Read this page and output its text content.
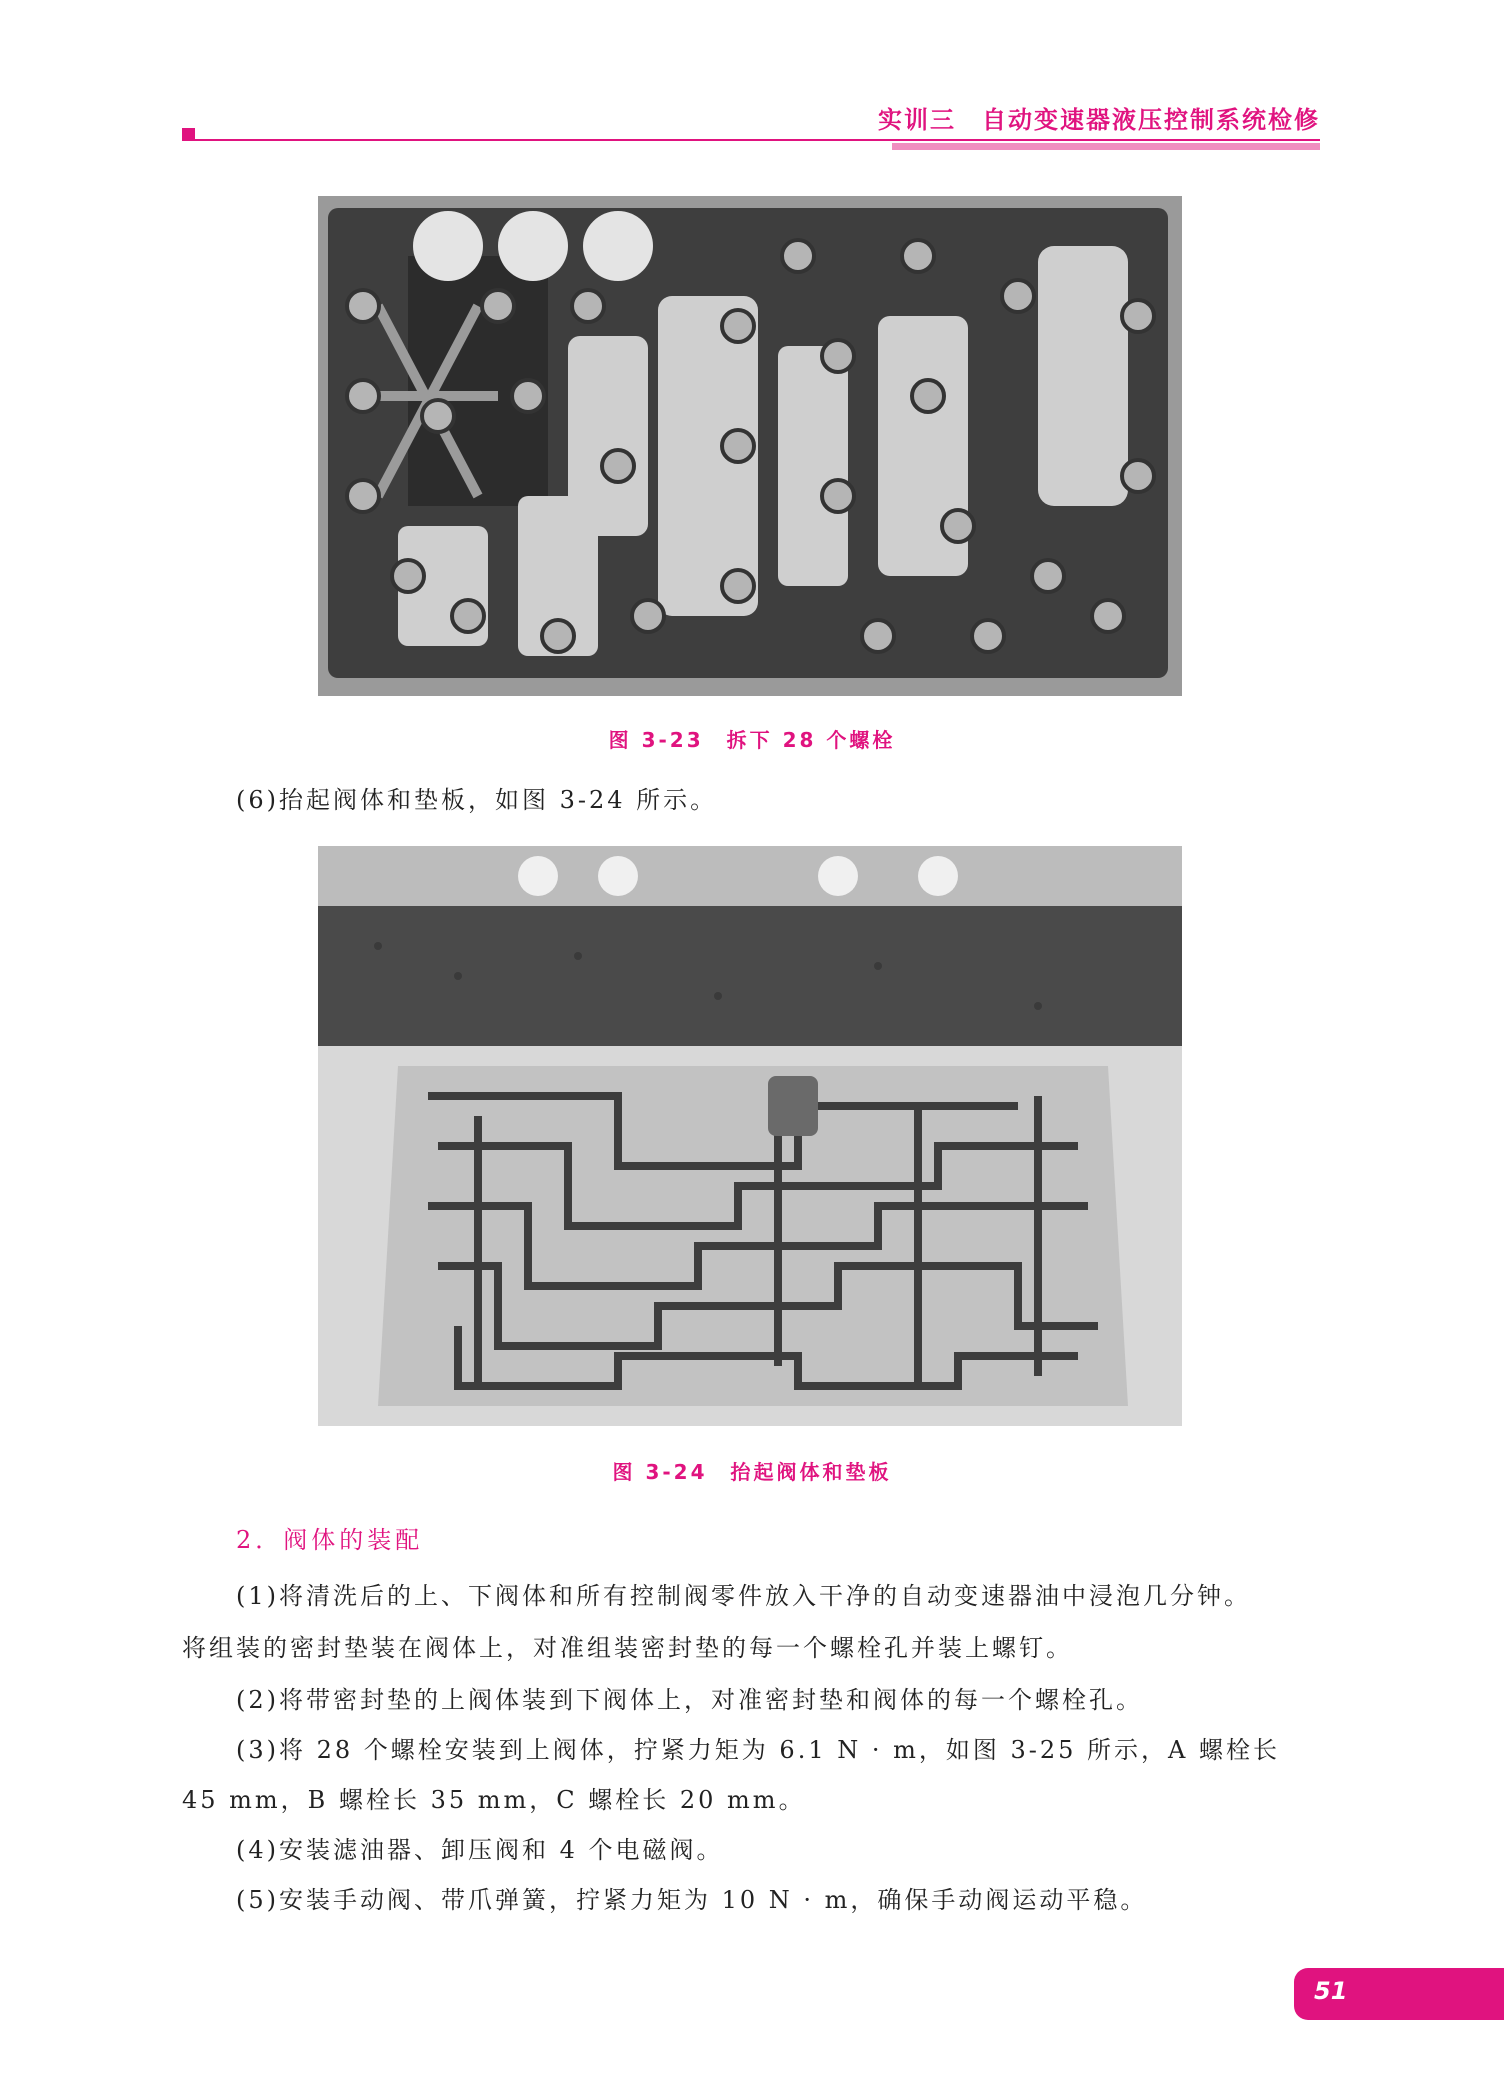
实训三　自动变速器液压控制系统检修
图 3-23　拆下 28 个螺栓
(6)抬起阀体和垫板，如图 3-24 所示。
图 3-24　抬起阀体和垫板
2．阀体的装配
(1)将清洗后的上、下阀体和所有控制阀零件放入干净的自动变速器油中浸泡几分钟。
将组装的密封垫装在阀体上，对准组装密封垫的每一个螺栓孔并装上螺钉。
(2)将带密封垫的上阀体装到下阀体上，对准密封垫和阀体的每一个螺栓孔。
(3)将 28 个螺栓安装到上阀体，拧紧力矩为 6.1 N · m，如图 3-25 所示，A 螺栓长
45 mm，B 螺栓长 35 mm，C 螺栓长 20 mm。
(4)安装滤油器、卸压阀和 4 个电磁阀。
(5)安装手动阀、带爪弹簧，拧紧力矩为 10 N · m，确保手动阀运动平稳。
51
